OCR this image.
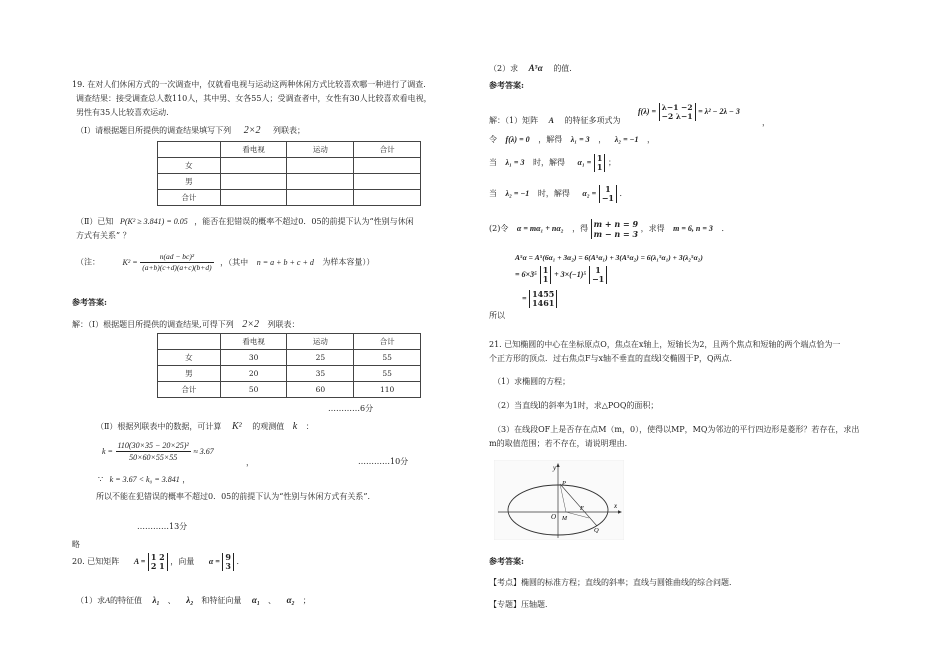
19. 在对人们休闲方式的一次调查中，仅就看电视与运动这两种休闲方式比较喜欢哪一种进行了调查.
调查结果：接受调查总人数110人，其中男、女各55人；受调查者中，女性有30人比较喜欢看电视，
男性有35人比较喜欢运动.
（Ⅰ）请根据题目所提供的调查结果填写下列 2×2 列联表；
	看电视	运动	合计
女			
男			
合计			
（Ⅱ）已知 P(K² ≥ 3.841) = 0.05 ，能否在犯错误的概率不超过0．05的前提下认为“性别与休闲
方式有关系” ？
（注：	$K^2 = \frac{\text{n(ad − bc)²}}{(a+b)(c+d)(a+c)(b+d)}$ ，（其中 n = a + b + c + d 为样本容量））
参考答案:
解：（Ⅰ）根据题目所提供的调查结果,可得下列 2×2 列联表：
	看电视	运动	合计
女	30	25	55
男	20	35	55
合计	50	60	110
…………6分
（Ⅱ）根据列联表中的数据，可计算 K² 的观测值 k ：
$k = \frac{\text{110(30×35 − 20×25)²}}{50\times 60\times 55\times 55} \approx 3.67$
，	…………10分
∵ k = 3.67 < k₀ = 3.841 ，
所以不能在犯错误的概率不超过0．05的前提下认为“性别与休闲方式有关系”．
…………13分
略
20. 已知矩阵 A = 1 2
2 1 ，向量 α = 9
3 ．
（1）求A的特征值 λ₁ 、 λ₂ 和特征向量 α₁ 、 α₂ ；
（2）求 A⁵α 的值.
参考答案:
解：（1）矩阵 A 的特征多项式为
f(λ) = λ−1 −2
−2 λ−1
= λ² − 2λ − 3
，
令 f(λ) = 0 ，解得 λ₁ = 3 ， λ₂ = −1 ，
当 λ₁ = 3 时，解得 α₁ = 1
1 ；
当 λ₂ = −1 时，解得 α₂ =	1
−1 ．
(2)令 α = mα₁ + nα₂ ，得 m + n = 9
m − n = 3
，求得 m = 6, n = 3 ．
A⁵α = A⁵(6α₁ + 3α₂) = 6(A⁵α₁) + 3(A⁵α₂) = 6(λ₁⁵α₁) + 3(λ₂⁵α₂)
= 6×3⁵ 1
1 + 3×(−1)⁵	1
−1
所以
= 1455
1461
21. 已知椭圆的中心在坐标原点O，焦点在x轴上，短轴长为2，且两个焦点和短轴的两个端点恰为一
个正方形的顶点．过右焦点F与x轴不垂直的直线l交椭圆于P，Q两点．
（1）求椭圆的方程；
（2）当直线l的斜率为1时，求△POQ的面积；
（3）在线段OF上是否存在点M（m，0），使得以MP，MQ为邻边的平行四边形是菱形？若存在，求出
m的取值范围；若不存在，请说明理由．
y
x
O M
F
P
Q
参考答案:
【考点】椭圆的标准方程；直线的斜率；直线与圆锥曲线的综合问题．
【专题】压轴题．
